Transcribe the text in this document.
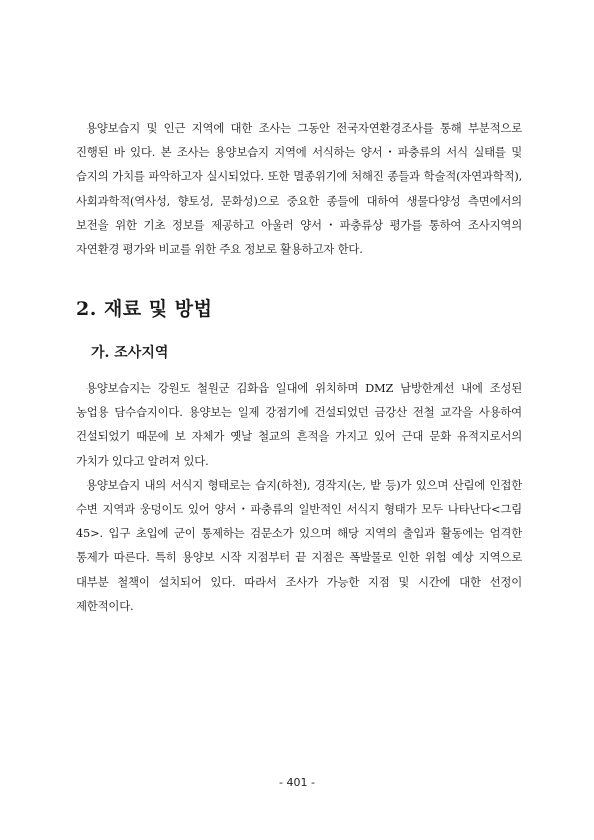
용양보습지 및 인근 지역에 대한 조사는 그동안 전국자연환경조사를 통해 부분적으로 진행된 바 있다. 본 조사는 용양보습지 지역에 서식하는 양서・파충류의 서식 실태를 및 습지의 가치를 파악하고자 실시되었다. 또한 멸종위기에 처해진 종들과 학술적(자연과학적), 사회과학적(역사성, 향토성, 문화성)으로 중요한 종들에 대하여 생물다양성 측면에서의 보전을 위한 기초 정보를 제공하고 아울러 양서・파충류상 평가를 통하여 조사지역의 자연환경 평가와 비교를 위한 주요 정보로 활용하고자 한다.

2. 재료 및 방법
가. 조사지역

용양보습지는 강원도 철원군 김화읍 일대에 위치하며 DMZ 남방한계선 내에 조성된 농업용 담수습지이다. 용양보는 일제 강점기에 건설되었던 금강산 전철 교각을 사용하여 건설되었기 때문에 보 자체가 옛날 철교의 흔적을 가지고 있어 근대 문화 유적지로서의 가치가 있다고 알려져 있다.

용양보습지 내의 서식지 형태로는 습지(하천), 경작지(논, 밭 등)가 있으며 산림에 인접한 수변 지역과 웅덩이도 있어 양서・파충류의 일반적인 서식지 형태가 모두 나타난다<그림 45>. 입구 초입에 군이 통제하는 검문소가 있으며 해당 지역의 출입과 활동에는 엄격한 통제가 따른다. 특히 용양보 시작 지점부터 끝 지점은 폭발물로 인한 위험 예상 지역으로 대부분 철책이 설치되어 있다. 따라서 조사가 가능한 지점 및 시간에 대한 선정이 제한적이다.

- 401 -
